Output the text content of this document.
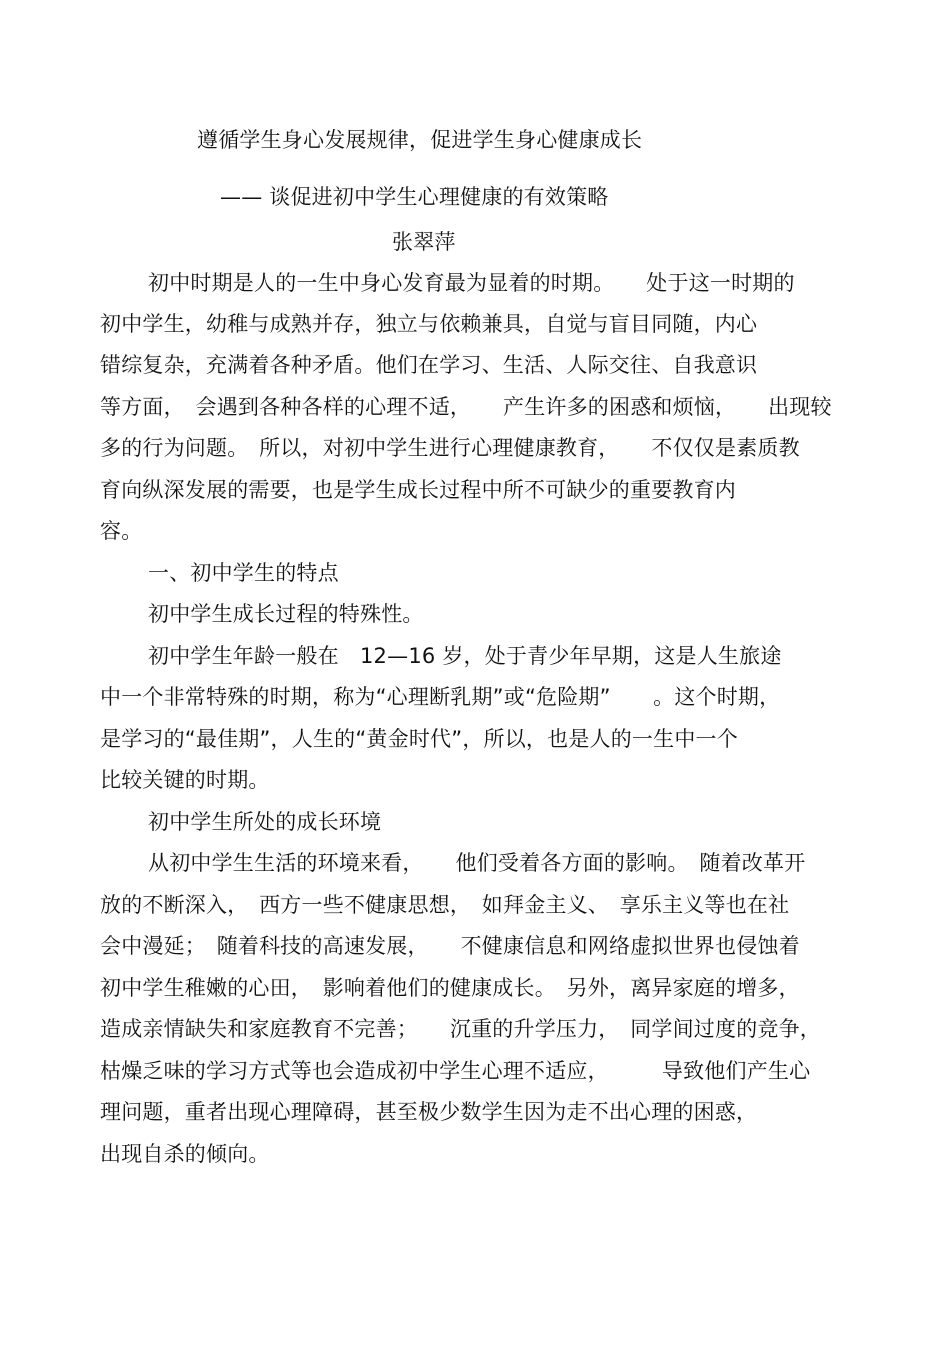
遵循学生身心发展规律，促进学生身心健康成长
—— 谈促进初中学生心理健康的有效策略
张翠萍
初中时期是人的一生中身心发育最为显着的时期。　　处于这一时期的
初中学生，幼稚与成熟并存，独立与依赖兼具，自觉与盲目同随，内心
错综复杂，充满着各种矛盾。他们在学习、生活、人际交往、自我意识
等方面，　会遇到各种各样的心理不适，　　产生许多的困惑和烦恼，　　出现较
多的行为问题。　所以，对初中学生进行心理健康教育，　　不仅仅是素质教
育向纵深发展的需要，也是学生成长过程中所不可缺少的重要教育内
容。
一、初中学生的特点
初中学生成长过程的特殊性。
初中学生年龄一般在　12—16 岁，处于青少年早期，这是人生旅途
中一个非常特殊的时期，称为“心理断乳期”或“危险期”　　。这个时期，
是学习的“最佳期”，人生的“黄金时代”，所以，也是人的一生中一个
比较关键的时期。
初中学生所处的成长环境
从初中学生生活的环境来看，　　他们受着各方面的影响。　随着改革开
放的不断深入，　西方一些不健康思想，　如拜金主义、　享乐主义等也在社
会中漫延；　随着科技的高速发展，　　不健康信息和网络虚拟世界也侵蚀着
初中学生稚嫩的心田，　影响着他们的健康成长。　另外，离异家庭的增多，
造成亲情缺失和家庭教育不完善；　　沉重的升学压力，　同学间过度的竞争，
枯燥乏味的学习方式等也会造成初中学生心理不适应，　　　导致他们产生心
理问题，重者出现心理障碍，甚至极少数学生因为走不出心理的困惑，
出现自杀的倾向。
